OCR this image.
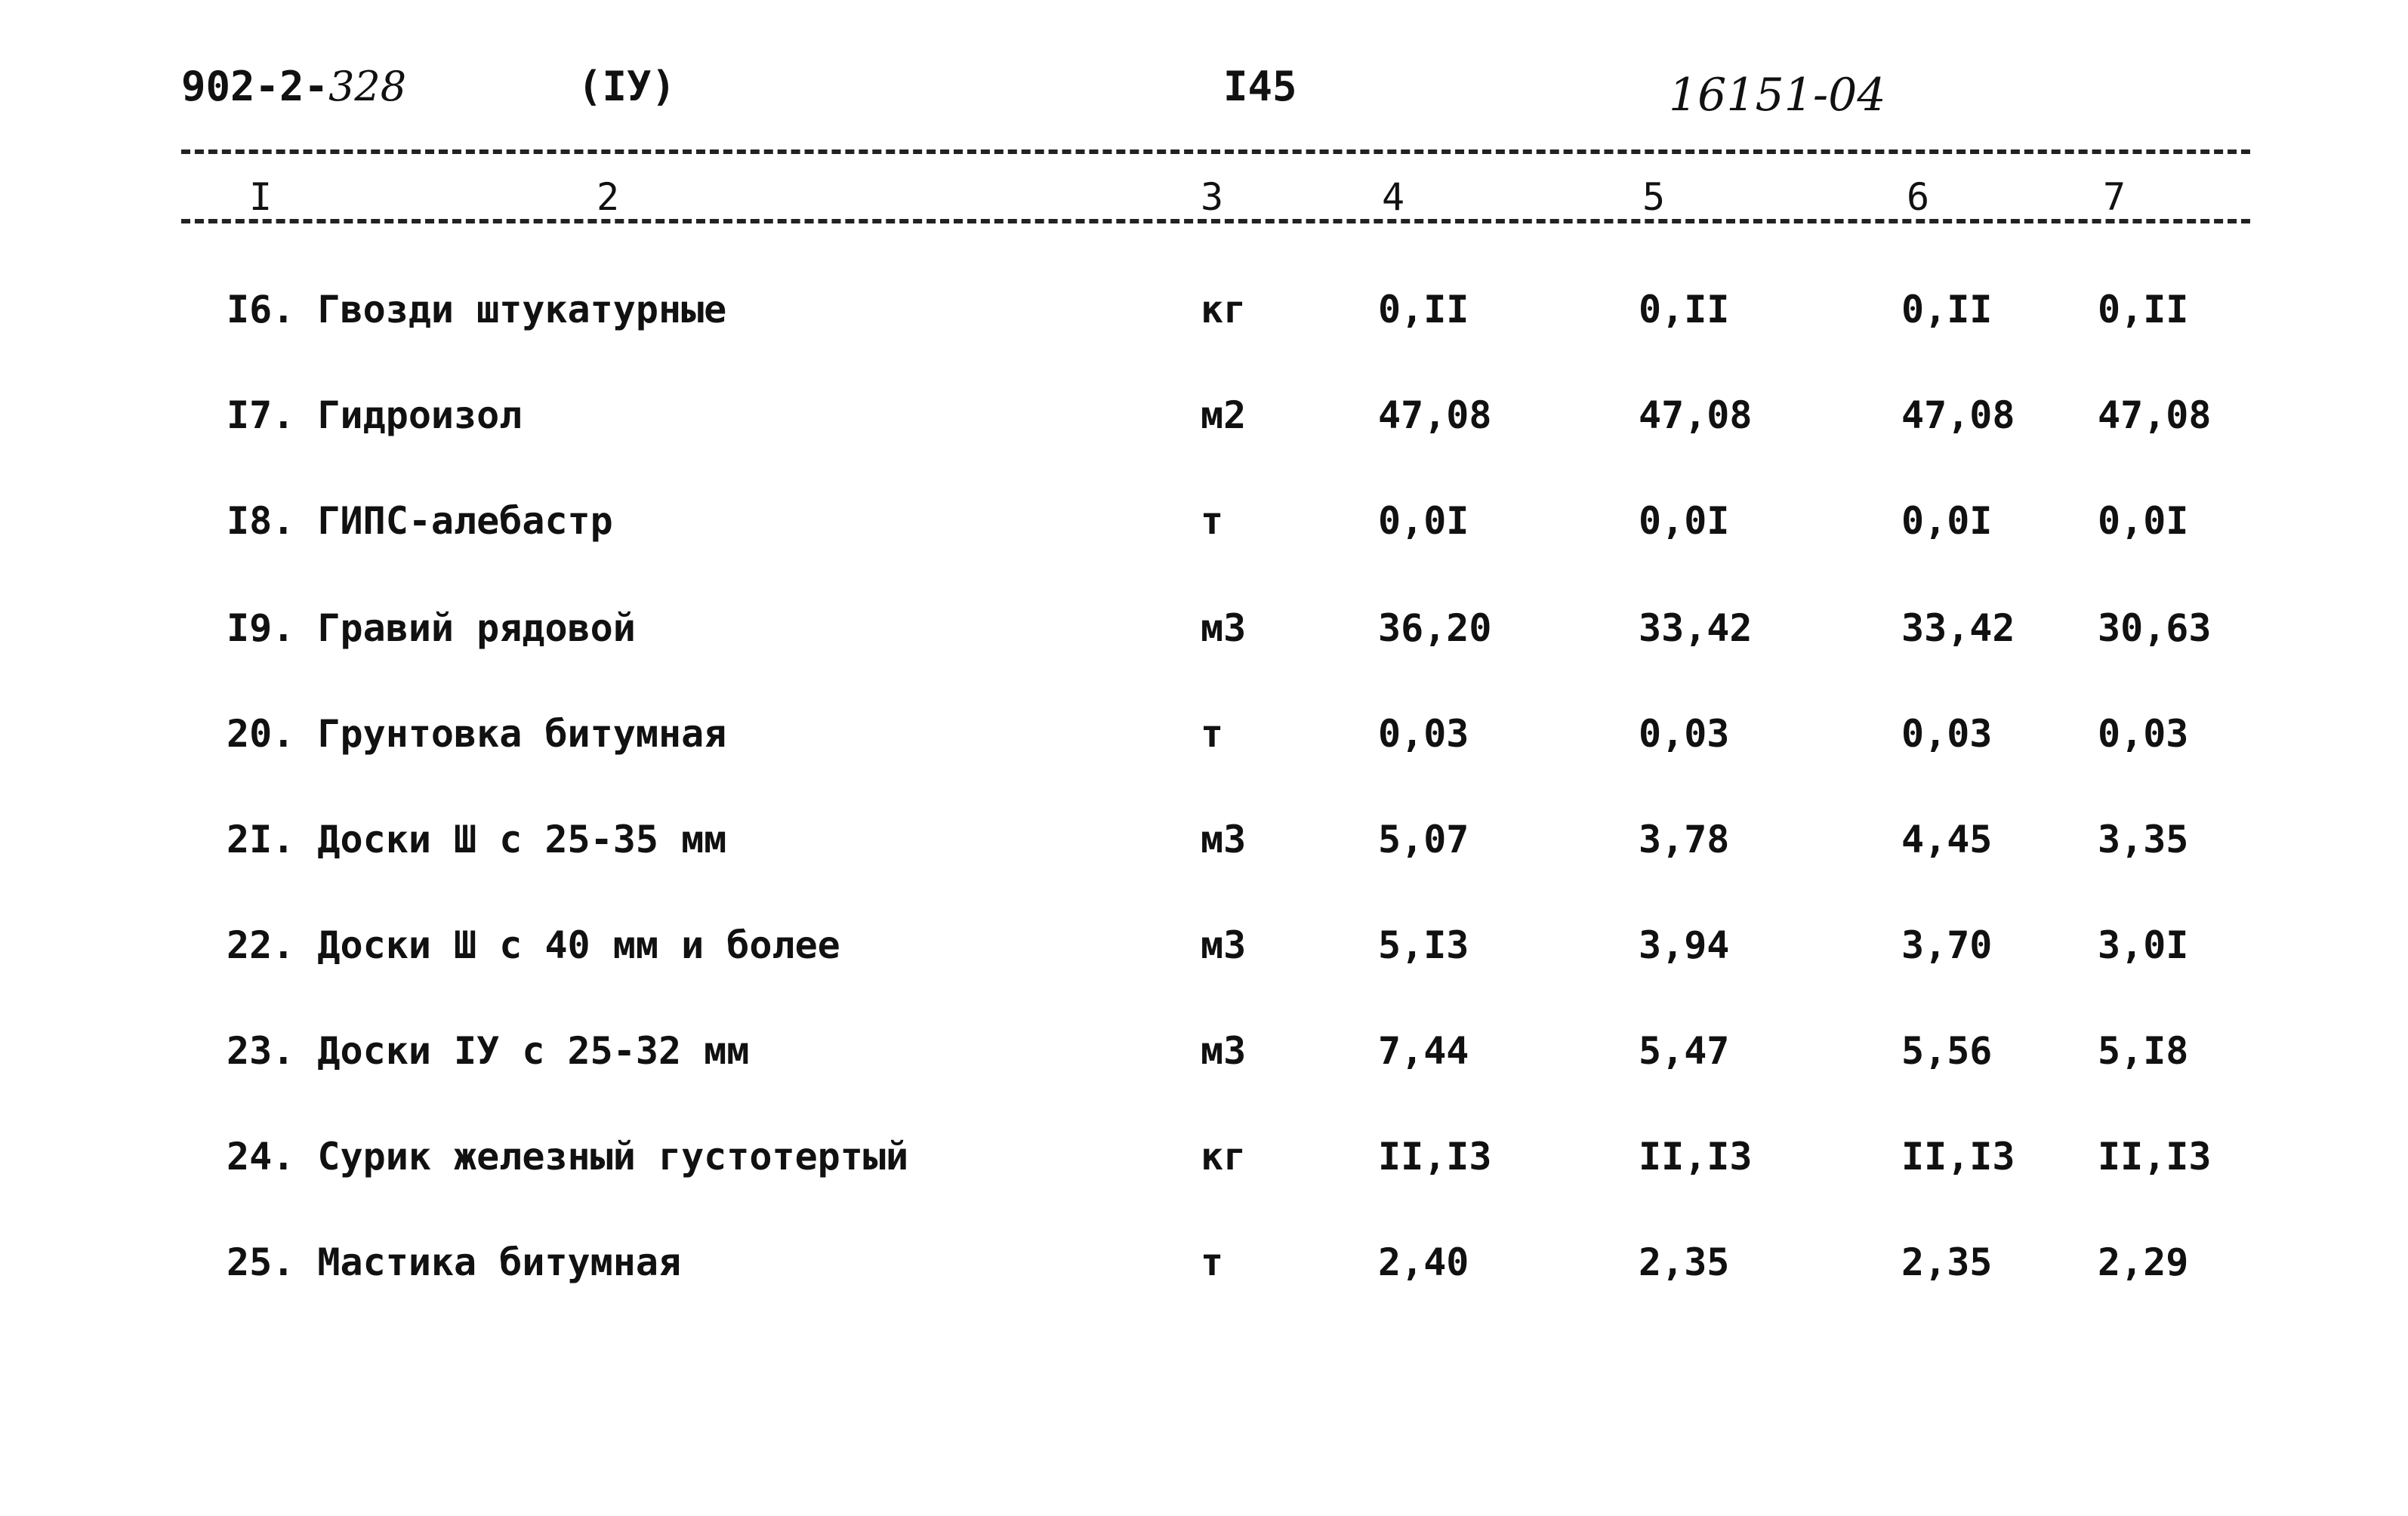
902-2-328	(IУ)	I45	16151-04
I	2	3	4	5	6	7
I6. Гвозди штукатурные	кг	0,II	0,II	0,II	0,II
I7. Гидроизол	м2	47,08	47,08	47,08 47,08
I8. ГИПС-алебастр	т	0,0I	0,0I	0,0I	0,0I
I9. Гравий рядовой	м3	36,20	33,42	33,42 30,63
20. Грунтовка битумная	т	0,03	0,03	0,03	0,03
2I. Доски Ш с 25-35 мм	м3	5,07	3,78	4,45	3,35
22. Доски Ш с 40 мм и более	м3	5,I3	3,94	3,70	3,0I
23. Доски IУ с 25-32 мм	м3	7,44	5,47	5,56	5,I8
24. Сурик железный густотертый	кг	II,I3	II,I3	II,I3 II,I3
25. Мастика битумная	т	2,40	2,35	2,35	2,29
